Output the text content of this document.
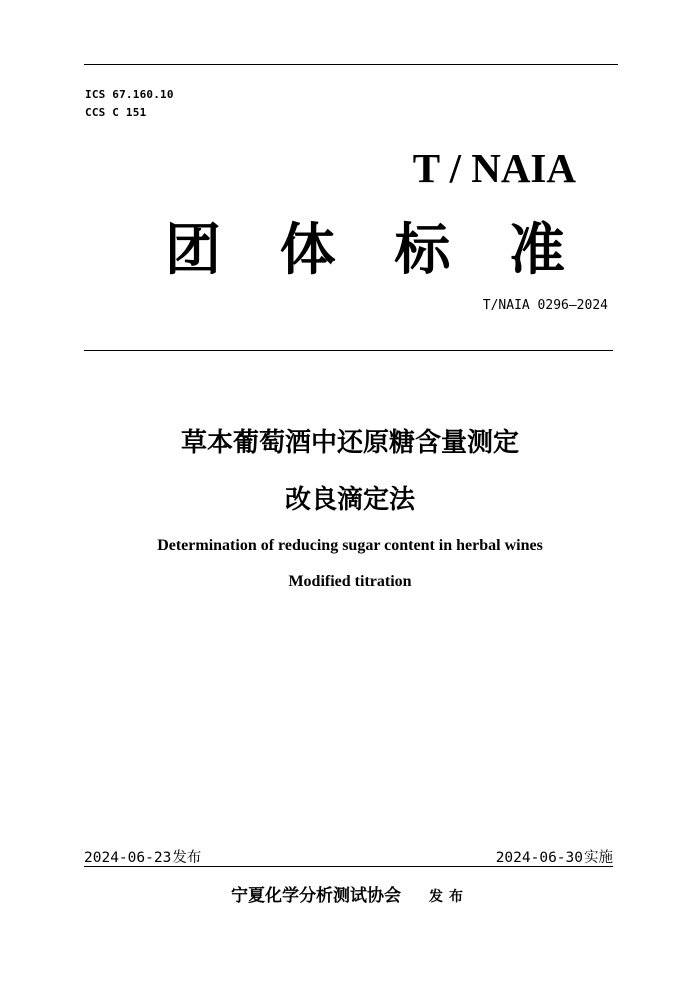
ICS 67.160.10
CCS C 151
T / NAIA
团 体 标 准
T/NAIA 0296—2024
草本葡萄酒中还原糖含量测定
改良滴定法
Determination of reducing sugar content in herbal wines
Modified titration
2024-06-23发布	2024-06-30实施
宁夏化学分析测试协会 发布
